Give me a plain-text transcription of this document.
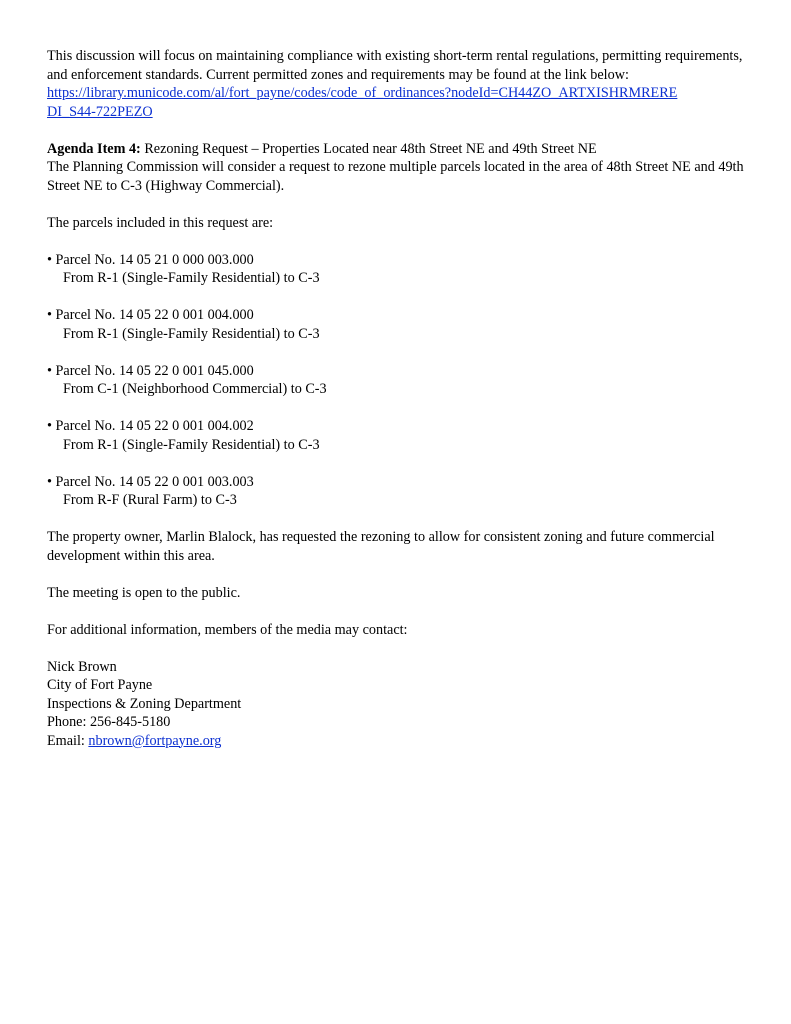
This discussion will focus on maintaining compliance with existing short-term rental regulations, permitting requirements, and enforcement standards. Current permitted zones and requirements may be found at the link below:
https://library.municode.com/al/fort_payne/codes/code_of_ordinances?nodeId=CH44ZO_ARTXISHRMRERE
DI_S44-722PEZO

Agenda Item 4: Rezoning Request – Properties Located near 48th Street NE and 49th Street NE
The Planning Commission will consider a request to rezone multiple parcels located in the area of 48th Street NE and 49th Street NE to C-3 (Highway Commercial).

The parcels included in this request are:

• Parcel No. 14 05 21 0 000 003.000
From R-1 (Single-Family Residential) to C-3

• Parcel No. 14 05 22 0 001 004.000
From R-1 (Single-Family Residential) to C-3

• Parcel No. 14 05 22 0 001 045.000
From C-1 (Neighborhood Commercial) to C-3

• Parcel No. 14 05 22 0 001 004.002
From R-1 (Single-Family Residential) to C-3

• Parcel No. 14 05 22 0 001 003.003
From R-F (Rural Farm) to C-3

The property owner, Marlin Blalock, has requested the rezoning to allow for consistent zoning and future commercial development within this area.

The meeting is open to the public.

For additional information, members of the media may contact:

Nick Brown
City of Fort Payne
Inspections & Zoning Department
Phone: 256-845-5180
Email: nbrown@fortpayne.org
